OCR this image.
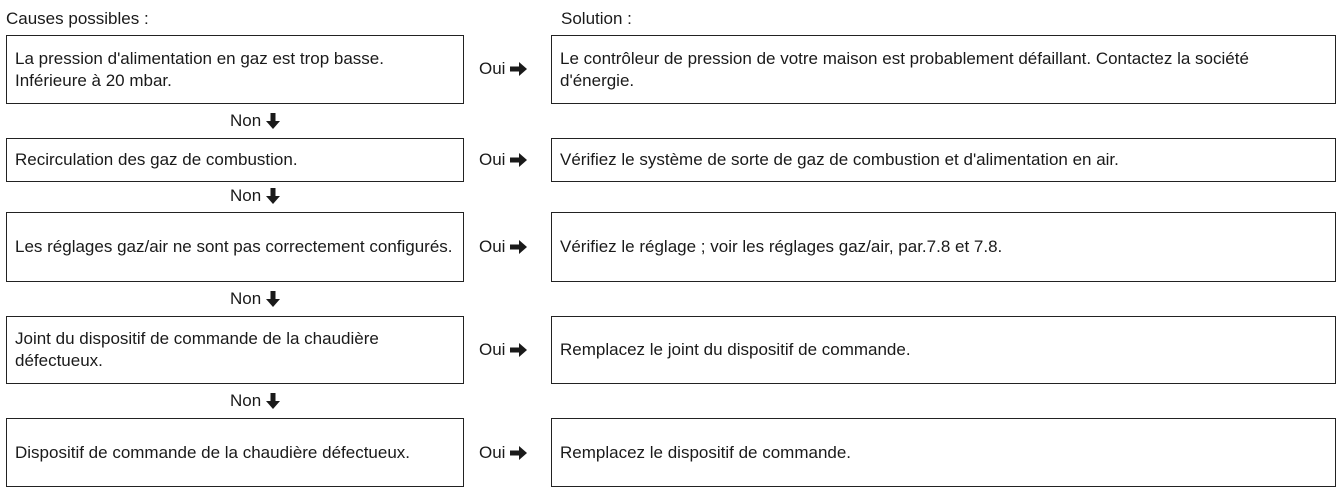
Causes possibles :	Solution :
La pression d'alimentation en gaz est trop basse. Inférieure à 20 mbar.
Oui
Le contrôleur de pression de votre maison est probablement défaillant. Contactez la société d'énergie.
Non
Recirculation des gaz de combustion.	Oui	Vérifiez le système de sorte de gaz de combustion et d'alimentation en air.
Non
Les réglages gaz/air ne sont pas correctement configurés. Oui	Vérifiez le réglage ; voir les réglages gaz/air, par.7.8 et 7.8.
Non
Joint du dispositif de commande de la chaudière défectueux.
Oui	Remplacez le joint du dispositif de commande.
Non
Dispositif de commande de la chaudière défectueux.	Oui	Remplacez le dispositif de commande.
